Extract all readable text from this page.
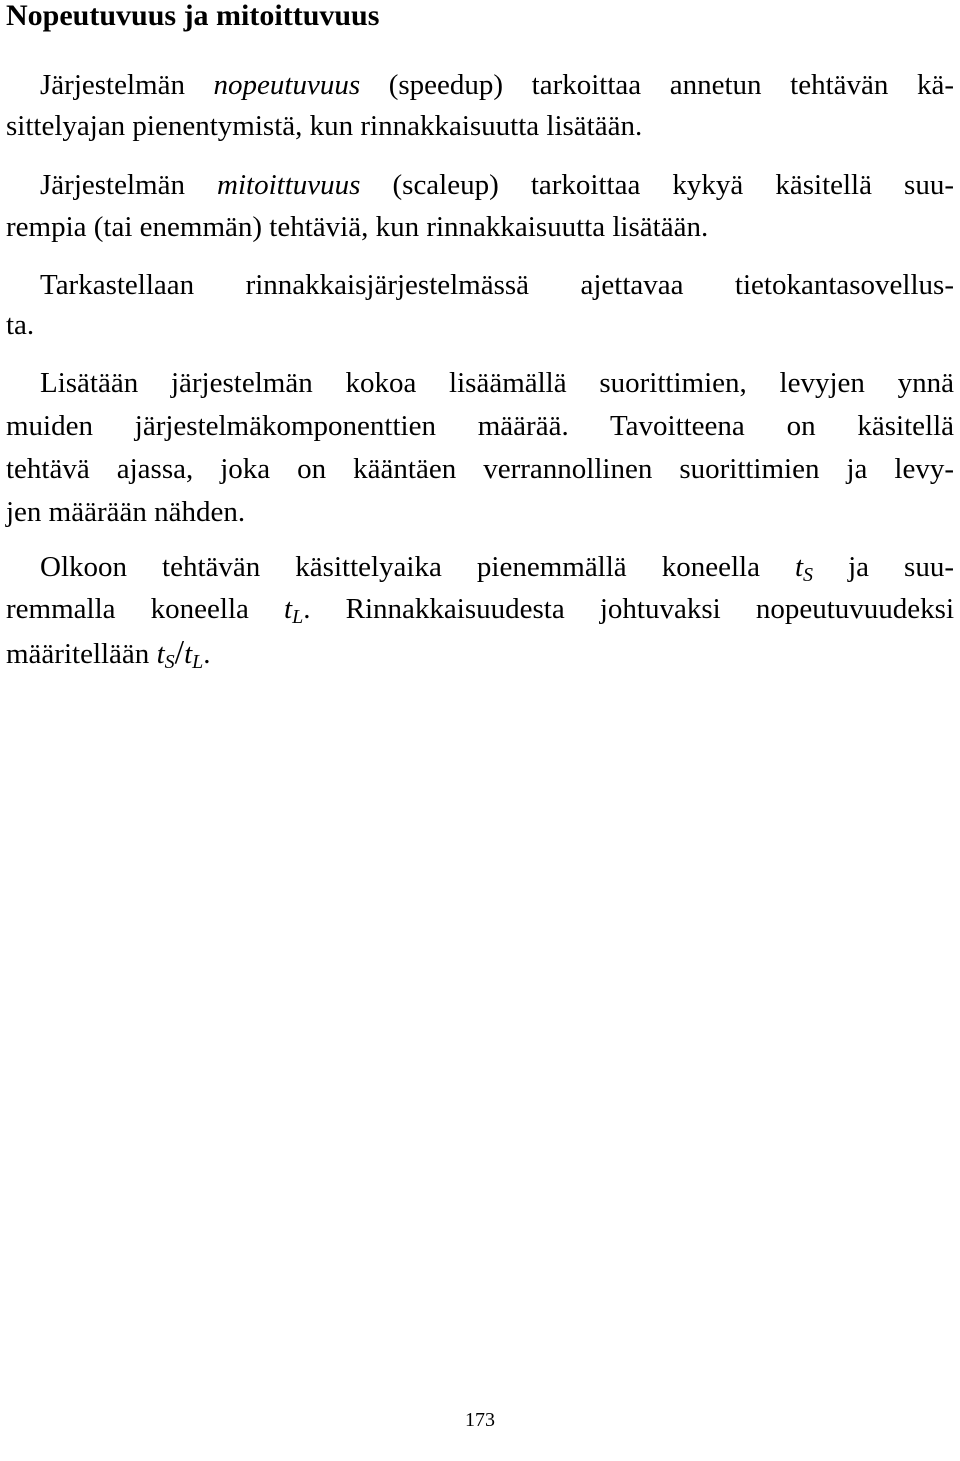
Nopeutuvuus ja mitoittuvuus
Järjestelmän nopeutuvuus (speedup) tarkoittaa annetun tehtävän kä-
sittelyajan pienentymistä, kun rinnakkaisuutta lisätään.
Järjestelmän mitoittuvuus (scaleup) tarkoittaa kykyä käsitellä suu-
rempia (tai enemmän) tehtäviä, kun rinnakkaisuutta lisätään.
Tarkastellaan rinnakkaisjärjestelmässä ajettavaa tietokantasovellus-
ta.
Lisätään järjestelmän kokoa lisäämällä suorittimien, levyjen ynnä
muiden järjestelmäkomponenttien määrää. Tavoitteena on käsitellä
tehtävä ajassa, joka on kääntäen verrannollinen suorittimien ja levy-
jen määrään nähden.
Olkoon tehtävän käsittelyaika pienemmällä koneella $t_S$ ja suu-
remmalla koneella $t_L$. Rinnakkaisuudesta johtuvaksi nopeutuvuudeksi
määritellään $t_S/t_L$.
173
